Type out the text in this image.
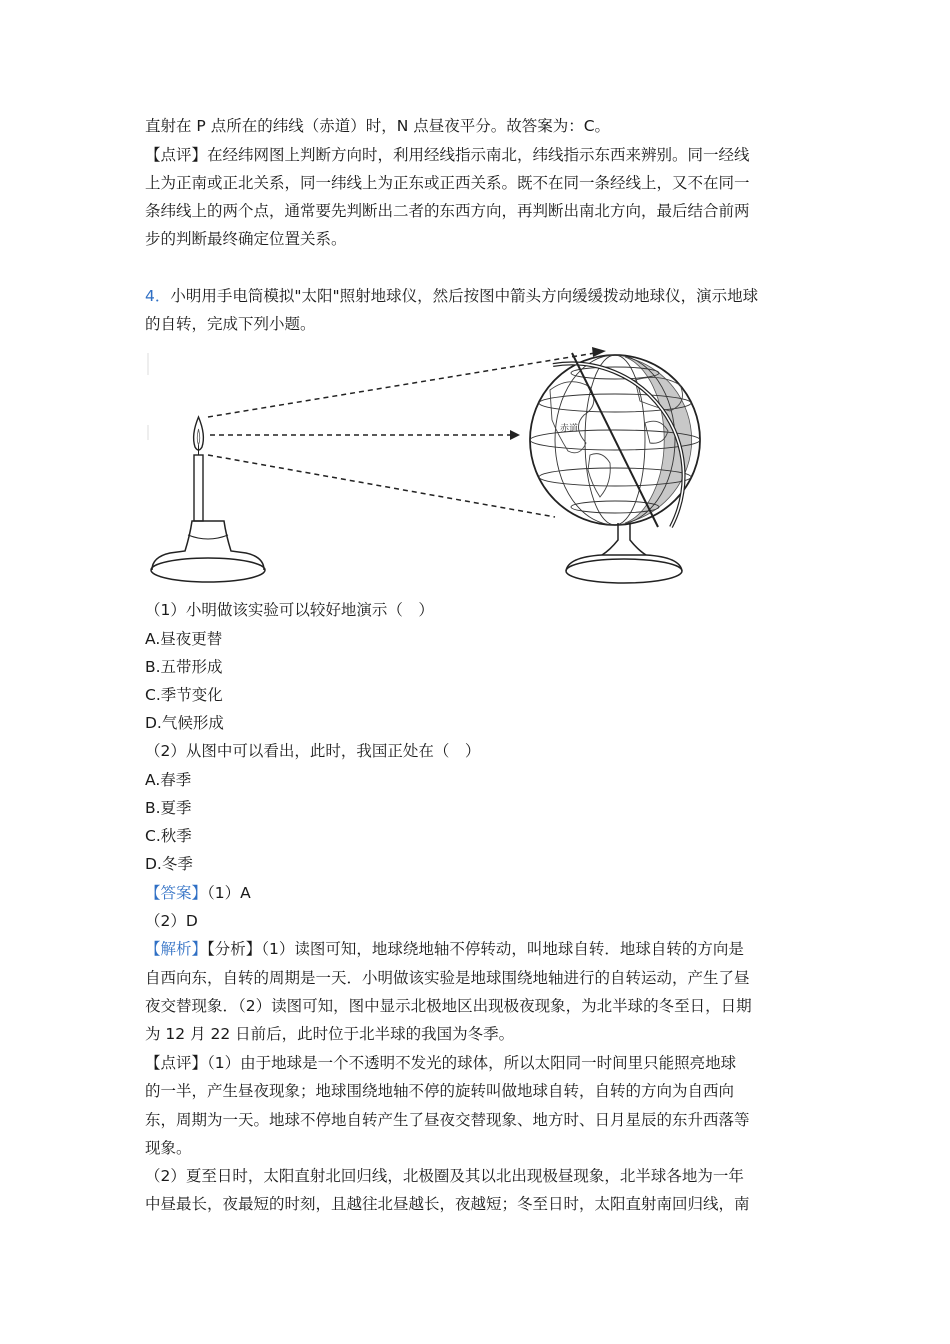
直射在 P 点所在的纬线（赤道）时，N 点昼夜平分。故答案为：C。
【点评】在经纬网图上判断方向时，利用经线指示南北，纬线指示东西来辨别。同一经线
上为正南或正北关系，同一纬线上为正东或正西关系。既不在同一条经线上，又不在同一
条纬线上的两个点，通常要先判断出二者的东西方向，再判断出南北方向，最后结合前两
步的判断最终确定位置关系。
4．小明用手电筒模拟"太阳"照射地球仪，然后按图中箭头方向缓缓拨动地球仪，演示地球
的自转，完成下列小题。
赤道
（1）小明做该实验可以较好地演示（　）
A.昼夜更替
B.五带形成
C.季节变化
D.气候形成
（2）从图中可以看出，此时，我国正处在（　）
A.春季
B.夏季
C.秋季
D.冬季
【答案】（1）A
（2）D
【解析】【分析】（1）读图可知，地球绕地轴不停转动，叫地球自转．地球自转的方向是
自西向东，自转的周期是一天．小明做该实验是地球围绕地轴进行的自转运动，产生了昼
夜交替现象．（2）读图可知，图中显示北极地区出现极夜现象，为北半球的冬至日，日期
为 12 月 22 日前后，此时位于北半球的我国为冬季。
【点评】（1）由于地球是一个不透明不发光的球体，所以太阳同一时间里只能照亮地球
的一半，产生昼夜现象；地球围绕地轴不停的旋转叫做地球自转，自转的方向为自西向
东，周期为一天。地球不停地自转产生了昼夜交替现象、地方时、日月星辰的东升西落等
现象。
（2）夏至日时，太阳直射北回归线，北极圈及其以北出现极昼现象，北半球各地为一年
中昼最长，夜最短的时刻，且越往北昼越长，夜越短；冬至日时，太阳直射南回归线，南
